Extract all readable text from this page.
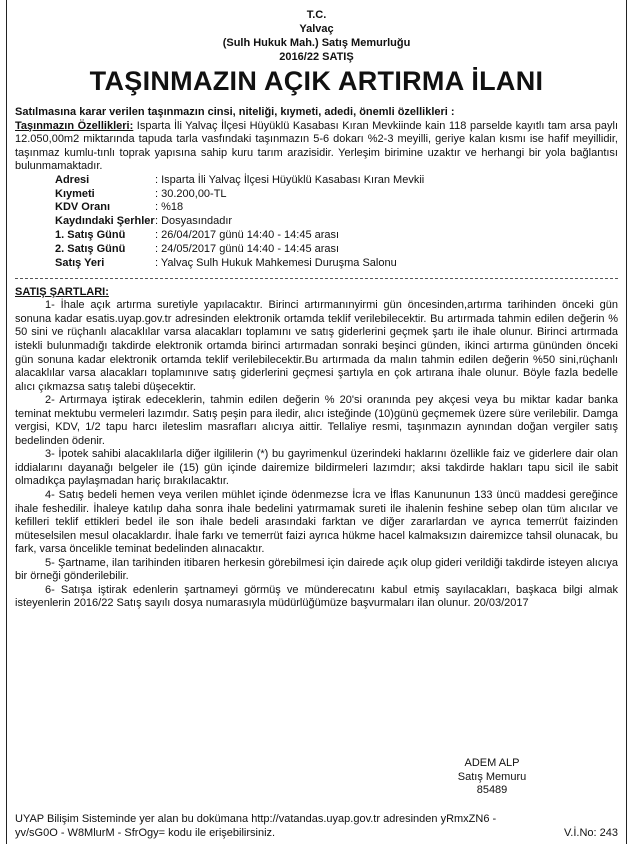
T.C.
Yalvaç
(Sulh Hukuk Mah.) Satış Memurluğu
2016/22 SATIŞ
TAŞINMAZIN AÇIK ARTIRMA İLANI

Satılmasına karar verilen taşınmazın cinsi, niteliği, kıymeti, adedi, önemli özellikleri :

Taşınmazın Özellikleri: Isparta İli Yalvaç İlçesi Hüyüklü Kasabası Kıran Mevkiinde kain 118 parselde kayıtlı tam arsa paylı 12.050,00m2 miktarında tapuda tarla vasfındaki taşınmazın 5-6 dokarı %2-3 meyilli, geriye kalan kısmı ise hafif meyillidir, taşınmaz kumlu-tınlı toprak yapısına sahip kuru tarım arazisidir. Yerleşim birimine uzaktır ve herhangi bir yola bağlantısı bulunmamaktadır.

Adresi	: Isparta İli Yalvaç İlçesi Hüyüklü Kasabası Kıran Mevkii
Kıymeti	: 30.200,00-TL
KDV Oranı	: %18
Kaydındaki Şerhler : Dosyasındadır
1. Satış Günü	: 26/04/2017 günü 14:40 - 14:45 arası
2. Satış Günü	: 24/05/2017 günü 14:40 - 14:45 arası
Satış Yeri	: Yalvaç Sulh Hukuk Mahkemesi Duruşma Salonu
SATIŞ ŞARTLARI:

1- İhale açık artırma suretiyle yapılacaktır. Birinci artırmanınyirmi gün öncesinden,artırma tarihinden önceki gün sonuna kadar esatis.uyap.gov.tr adresinden elektronik ortamda teklif verilebilecektir. Bu artırmada tahmin edilen değerin % 50 sini ve rüçhanlı alacaklılar varsa alacakları toplamını ve satış giderlerini geçmek şartı ile ihale olunur. Birinci artırmada istekli bulunmadığı takdirde elektronik ortamda birinci artırmadan sonraki beşinci günden, ikinci artırma gününden önceki gün sonuna kadar elektronik ortamda teklif verilebilecektir.Bu artırmada da malın tahmin edilen değerin %50 sini,rüçhanlı alacaklılar varsa alacakları toplamınıve satış giderlerini geçmesi şartıyla en çok artırana ihale olunur. Böyle fazla bedelle alıcı çıkmazsa satış talebi düşecektir.

2- Artırmaya iştirak edeceklerin, tahmin edilen değerin % 20'si oranında pey akçesi veya bu miktar kadar banka teminat mektubu vermeleri lazımdır. Satış peşin para iledir, alıcı isteğinde (10)günü geçmemek üzere süre verilebilir. Damga vergisi, KDV, 1/2 tapu harcı ileteslim masrafları alıcıya aittir. Tellaliye resmi, taşınmazın aynından doğan vergiler satış bedelinden ödenir.

3- İpotek sahibi alacaklılarla diğer ilgililerin (*) bu gayrimenkul üzerindeki haklarını özellikle faiz ve giderlere dair olan iddialarını dayanağı belgeler ile (15) gün içinde dairemize bildirmeleri lazımdır; aksi takdirde hakları tapu sicil ile sabit olmadıkça paylaşmadan hariç bırakılacaktır.

4- Satış bedeli hemen veya verilen mühlet içinde ödenmezse İcra ve İflas Kanununun 133 üncü maddesi gereğince ihale feshedilir. İhaleye katılıp daha sonra ihale bedelini yatırmamak sureti ile ihalenin feshine sebep olan tüm alıcılar ve kefilleri teklif ettikleri bedel ile son ihale bedeli arasındaki farktan ve diğer zararlardan ve ayrıca temerrüt faizinden müteselsilen mesul olacaklardır. İhale farkı ve temerrüt faizi ayrıca hükme hacel kalmaksızın dairemizce tahsil olunacak, bu fark, varsa öncelikle teminat bedelinden alınacaktır.

5- Şartname, ilan tarihinden itibaren herkesin görebilmesi için dairede açık olup gideri verildiği takdirde isteyen alıcıya bir örneği gönderilebilir.

6- Satışa iştirak edenlerin şartnameyi görmüş ve münderecatını kabul etmiş sayılacakları, başkaca bilgi almak isteyenlerin 2016/22 Satış sayılı dosya numarasıyla müdürlüğümüze başvurmaları ilan olunur. 20/03/2017

ADEM ALP
Satış Memuru
85489
UYAP Bilişim Sisteminde yer alan bu dokümana http://vatandas.uyap.gov.tr adresinden yRmxZN6 -
yv/sG0O - W8MlurM - SfrOgy= kodu ile erişebilirsiniz.	V.İ.No: 243
